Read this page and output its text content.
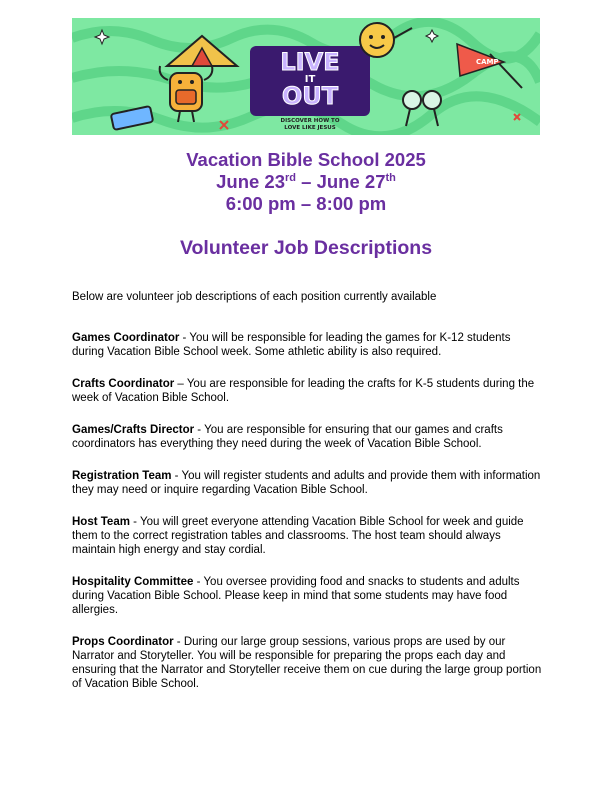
LIVE
IT
OUT
DISCOVER HOW TO
LOVE LIKE JESUS
CAMP
Vacation Bible School 2025
June 23rd – June 27th
6:00 pm – 8:00 pm
Volunteer Job Descriptions
Below are volunteer job descriptions of each position currently available

Games Coordinator - You will be responsible for leading the games for K-12 students during Vacation Bible School week. Some athletic ability is also required.

Crafts Coordinator – You are responsible for leading the crafts for K-5 students during the week of Vacation Bible School.

Games/Crafts Director - You are responsible for ensuring that our games and crafts coordinators has everything they need during the week of Vacation Bible School.

Registration Team - You will register students and adults and provide them with information they may need or inquire regarding Vacation Bible School.

Host Team - You will greet everyone attending Vacation Bible School for week and guide them to the correct registration tables and classrooms. The host team should always maintain high energy and stay cordial.

Hospitality Committee - You oversee providing food and snacks to students and adults during Vacation Bible School. Please keep in mind that some students may have food allergies.

Props Coordinator - During our large group sessions, various props are used by our Narrator and Storyteller. You will be responsible for preparing the props each day and ensuring that the Narrator and Storyteller receive them on cue during the large group portion of Vacation Bible School.
